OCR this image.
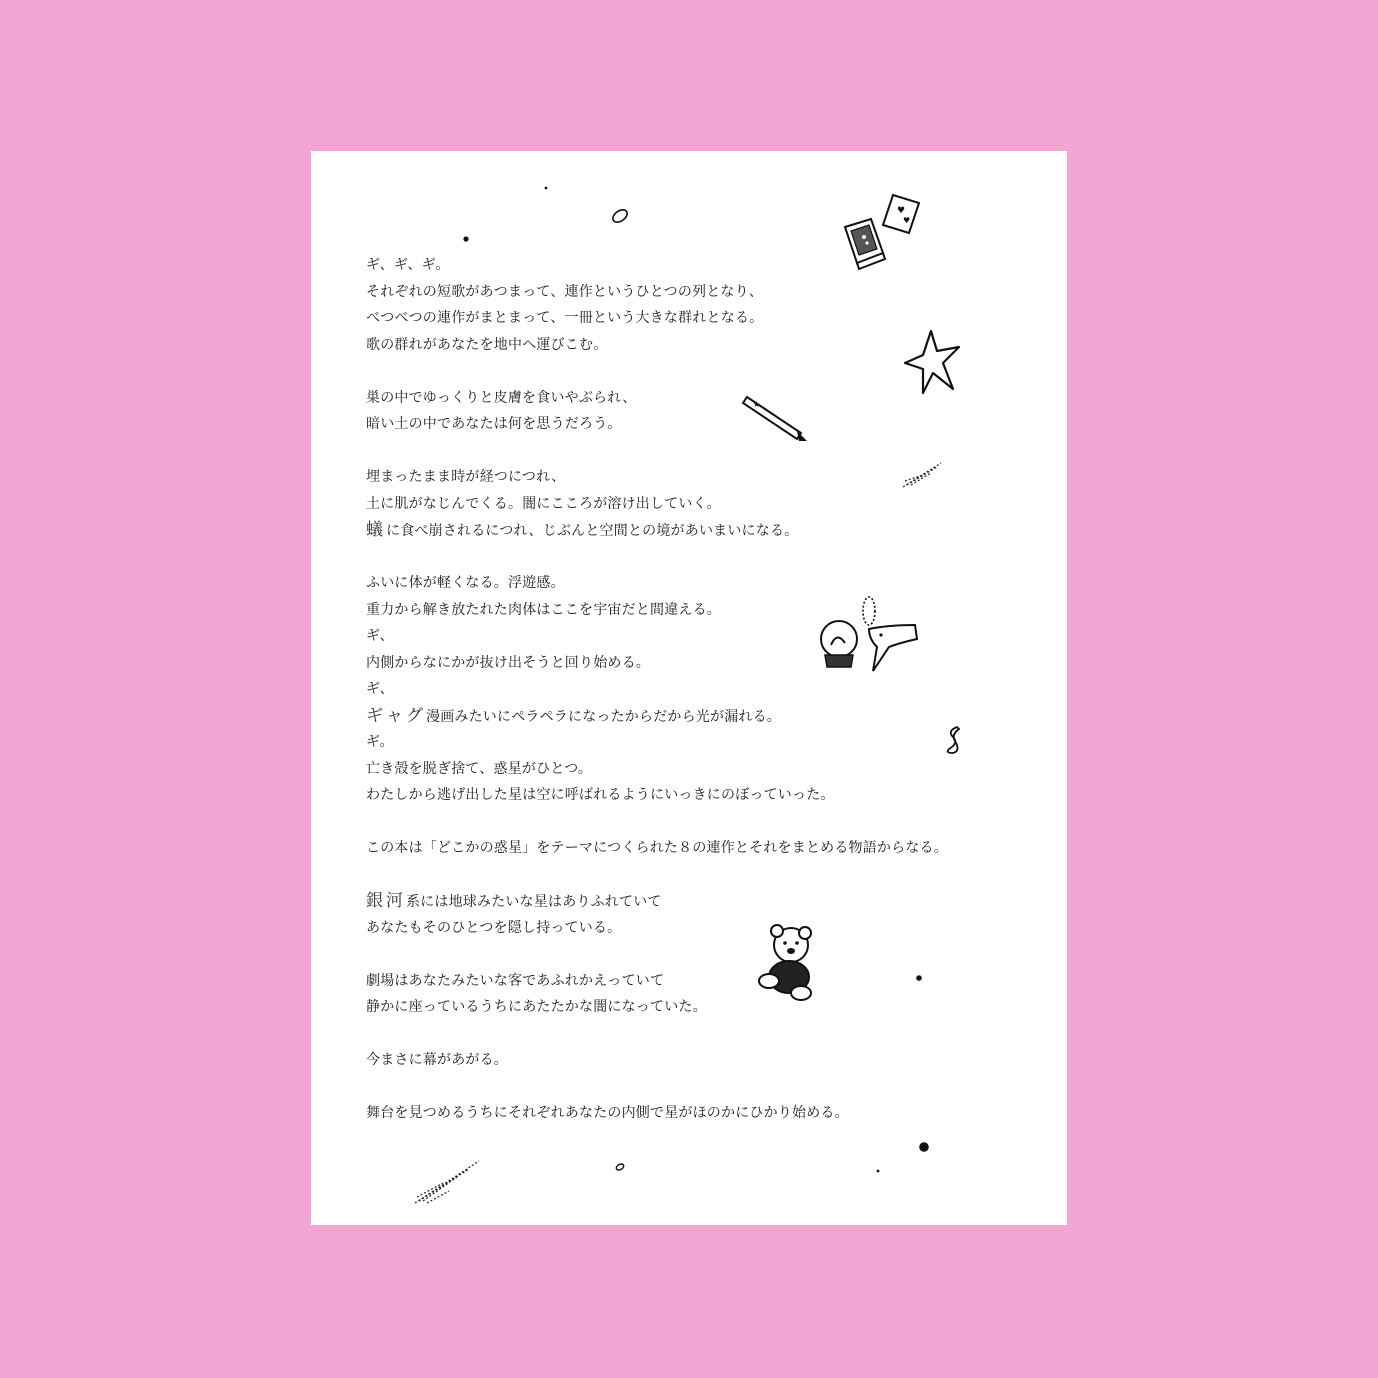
♥
♥
★
ギ、ギ、ギ。
それぞれの短歌があつまって、連作というひとつの列となり、
べつべつの連作がまとまって、一冊という大きな群れとなる。
歌の群れがあなたを地中へ運びこむ。
巣の中でゆっくりと皮膚を食いやぶられ、
暗い土の中であなたは何を思うだろう。
埋まったまま時が経つにつれ、
土に肌がなじんでくる。闇にこころが溶け出していく。
蟻に食べ崩されるにつれ、じぶんと空間との境があいまいになる。
ふいに体が軽くなる。浮遊感。
重力から解き放たれた肉体はここを宇宙だと間違える。
ギ、
内側からなにかが抜け出そうと回り始める。
ギ、
ギャグ漫画みたいにペラペラになったからだから光が漏れる。
ギ。
亡き殻を脱ぎ捨て、惑星がひとつ。
わたしから逃げ出した星は空に呼ばれるようにいっきにのぼっていった。
この本は「どこかの惑星」をテーマにつくられた８の連作とそれをまとめる物語からなる。
銀河系には地球みたいな星はありふれていて
あなたもそのひとつを隠し持っている。
劇場はあなたみたいな客であふれかえっていて
静かに座っているうちにあたたかな闇になっていた。
今まさに幕があがる。
舞台を見つめるうちにそれぞれあなたの内側で星がほのかにひかり始める。
